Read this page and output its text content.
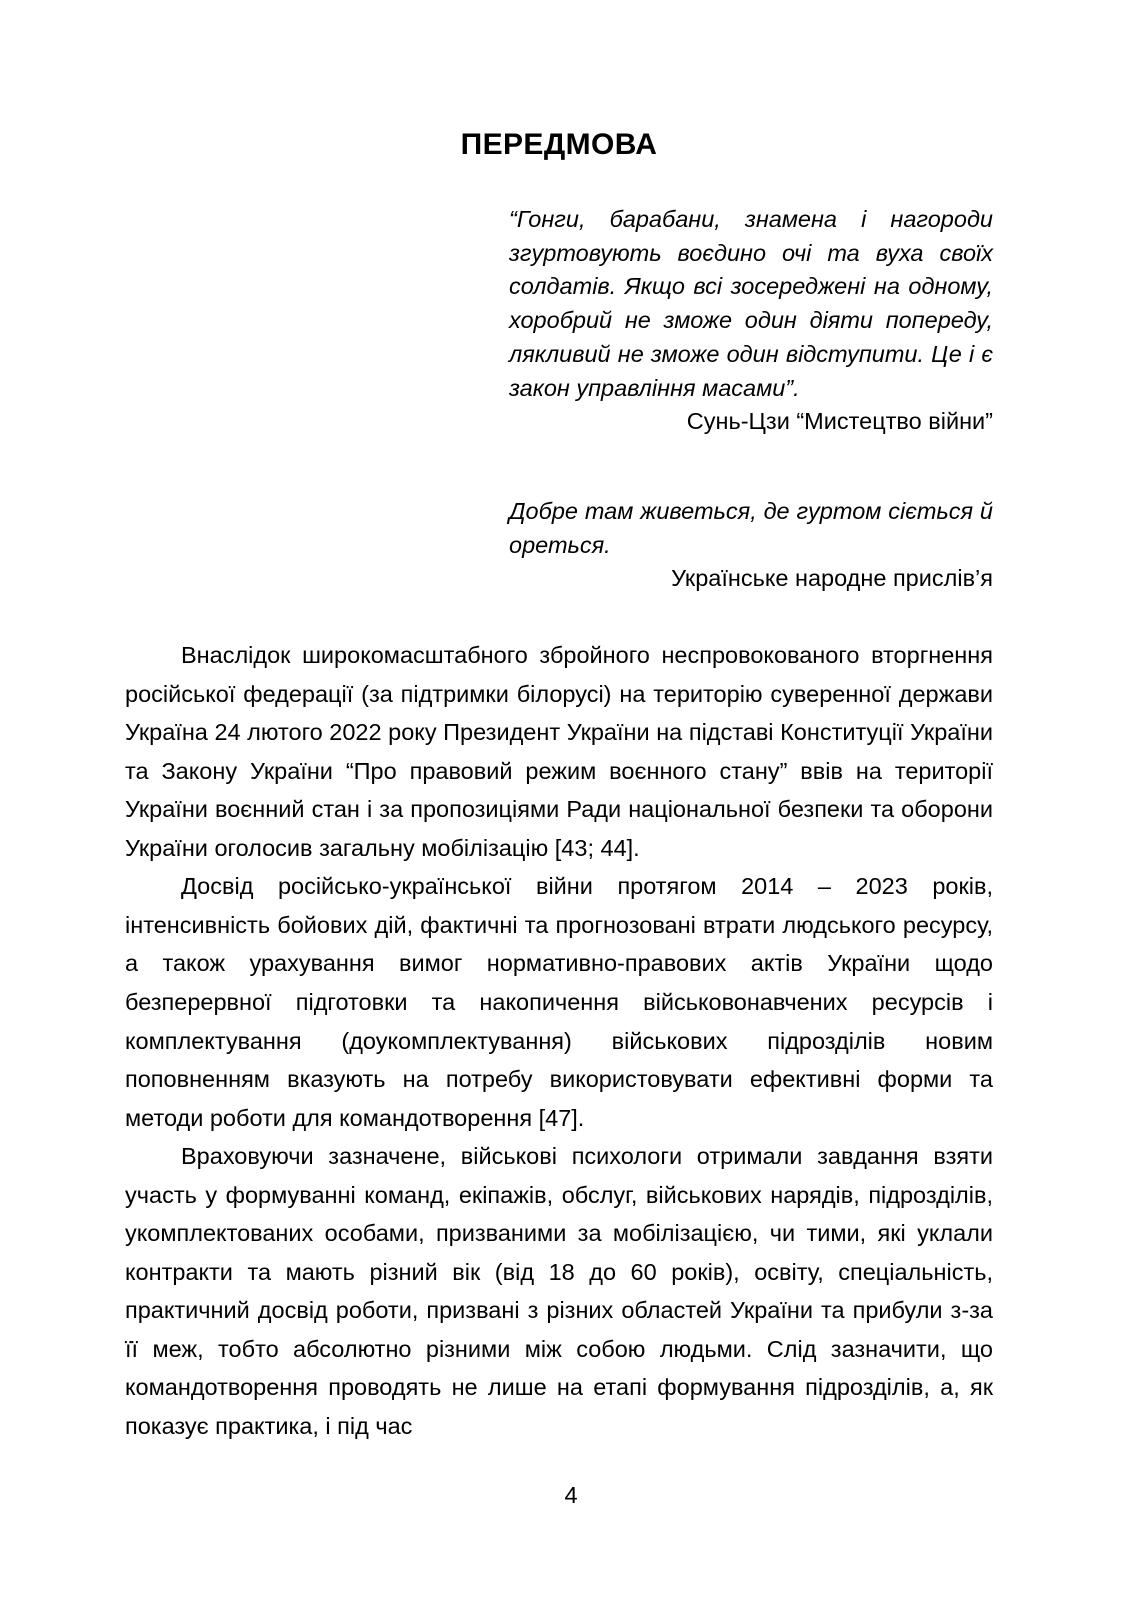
ПЕРЕДМОВА

“Гонги, барабани, знамена і нагороди згуртовують воєдино очі та вуха своїх солдатів. Якщо всі зосереджені на одному, хоробрий не зможе один діяти попереду, лякливий не зможе один відступити. Це і є закон управління масами”.

Сунь-Цзи “Мистецтво війни”

Добре там живеться, де гуртом сіється й ореться.

Українське народне прислів’я

Внаслідок широкомасштабного збройного неспровокованого вторгнення російської федерації (за підтримки білорусі) на територію суверенної держави Україна 24 лютого 2022 року Президент України на підставі Конституції України та Закону України “Про правовий режим воєнного стану” ввів на території України воєнний стан і за пропозиціями Ради національної безпеки та оборони України оголосив загальну мобілізацію [43; 44].

Досвід російсько-української війни протягом 2014 – 2023 років, інтенсивність бойових дій, фактичні та прогнозовані втрати людського ресурсу, а також урахування вимог нормативно-правових актів України щодо безперервної підготовки та накопичення військовонавчених ресурсів і комплектування (доукомплектування) військових підрозділів новим поповненням вказують на потребу використовувати ефективні форми та методи роботи для командотворення [47].

Враховуючи зазначене, військові психологи отримали завдання взяти участь у формуванні команд, екіпажів, обслуг, військових нарядів, підрозділів, укомплектованих особами, призваними за мобілізацією, чи тими, які уклали контракти та мають різний вік (від 18 до 60 років), освіту, спеціальність, практичний досвід роботи, призвані з різних областей України та прибули з-за її меж, тобто абсолютно різними між собою людьми. Слід зазначити, що командотворення проводять не лише на етапі формування підрозділів, а, як показує практика, і під час

4
